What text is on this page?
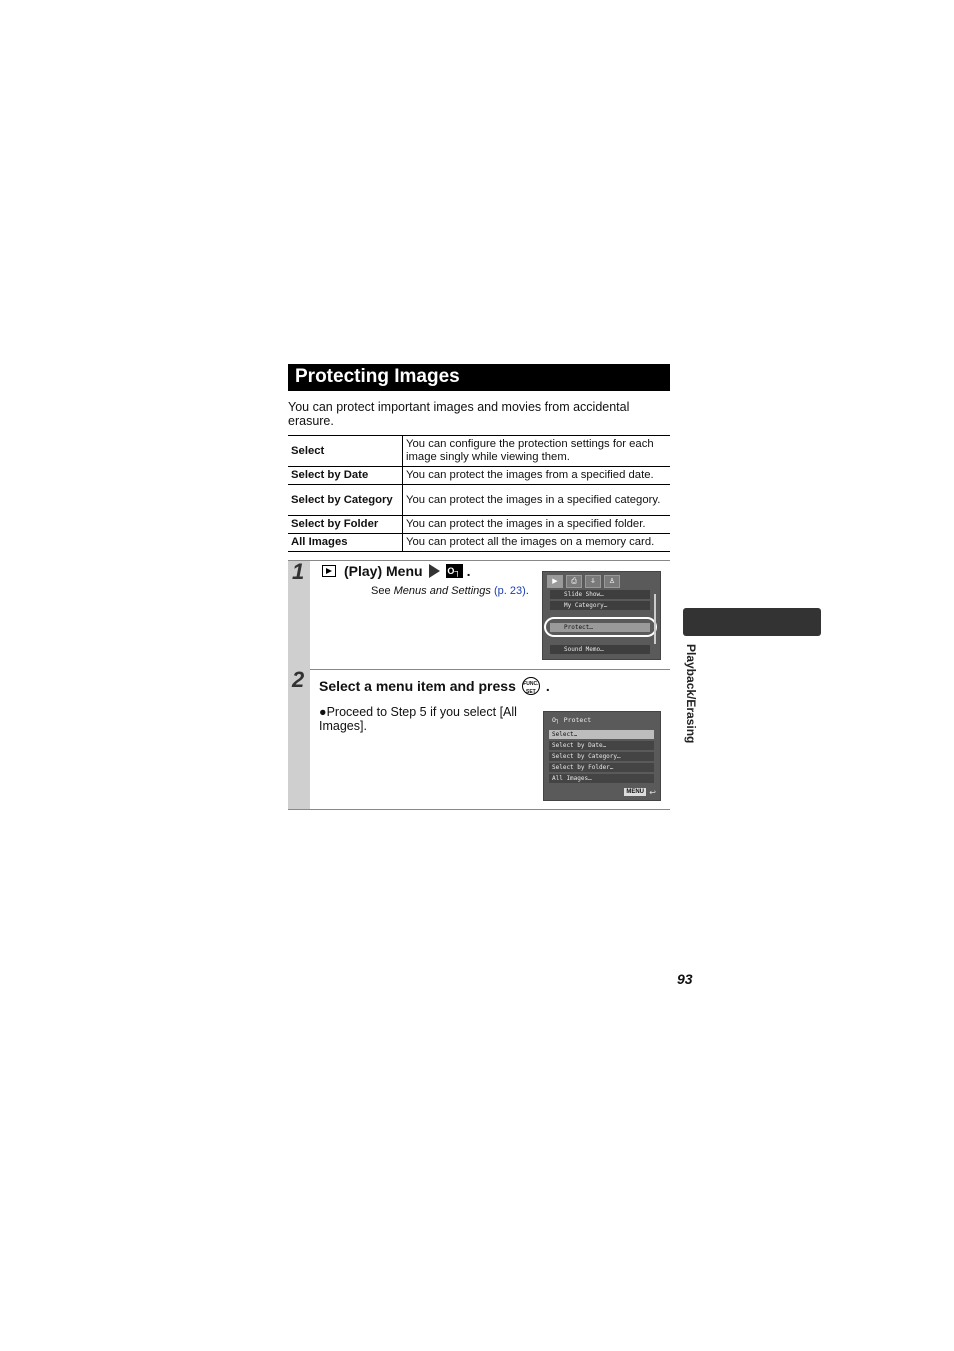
Protecting Images
You can protect important images and movies from accidental erasure.
Select	You can configure the protection settings for each image singly while viewing them.
Select by Date	You can protect the images from a specified date.
Select by Category	You can protect the images in a specified category.
Select by Folder	You can protect the images in a specified folder.
All Images	You can protect all the images on a memory card.
1	(Play) Menu	O┐ .
See Menus and Settings (p. 23).
▶	⎙	ↆ	♙
Slide Show…
My Category…
Protect…
Sound Memo…
2 Select a menu item and press FUNC. SET .
●Proceed to Step 5 if you select [All Images].	O┐ Protect
Select…
Select by Date…
Select by Category…
Select by Folder…
All Images…
MENU ↩
Playback/Erasing
93
